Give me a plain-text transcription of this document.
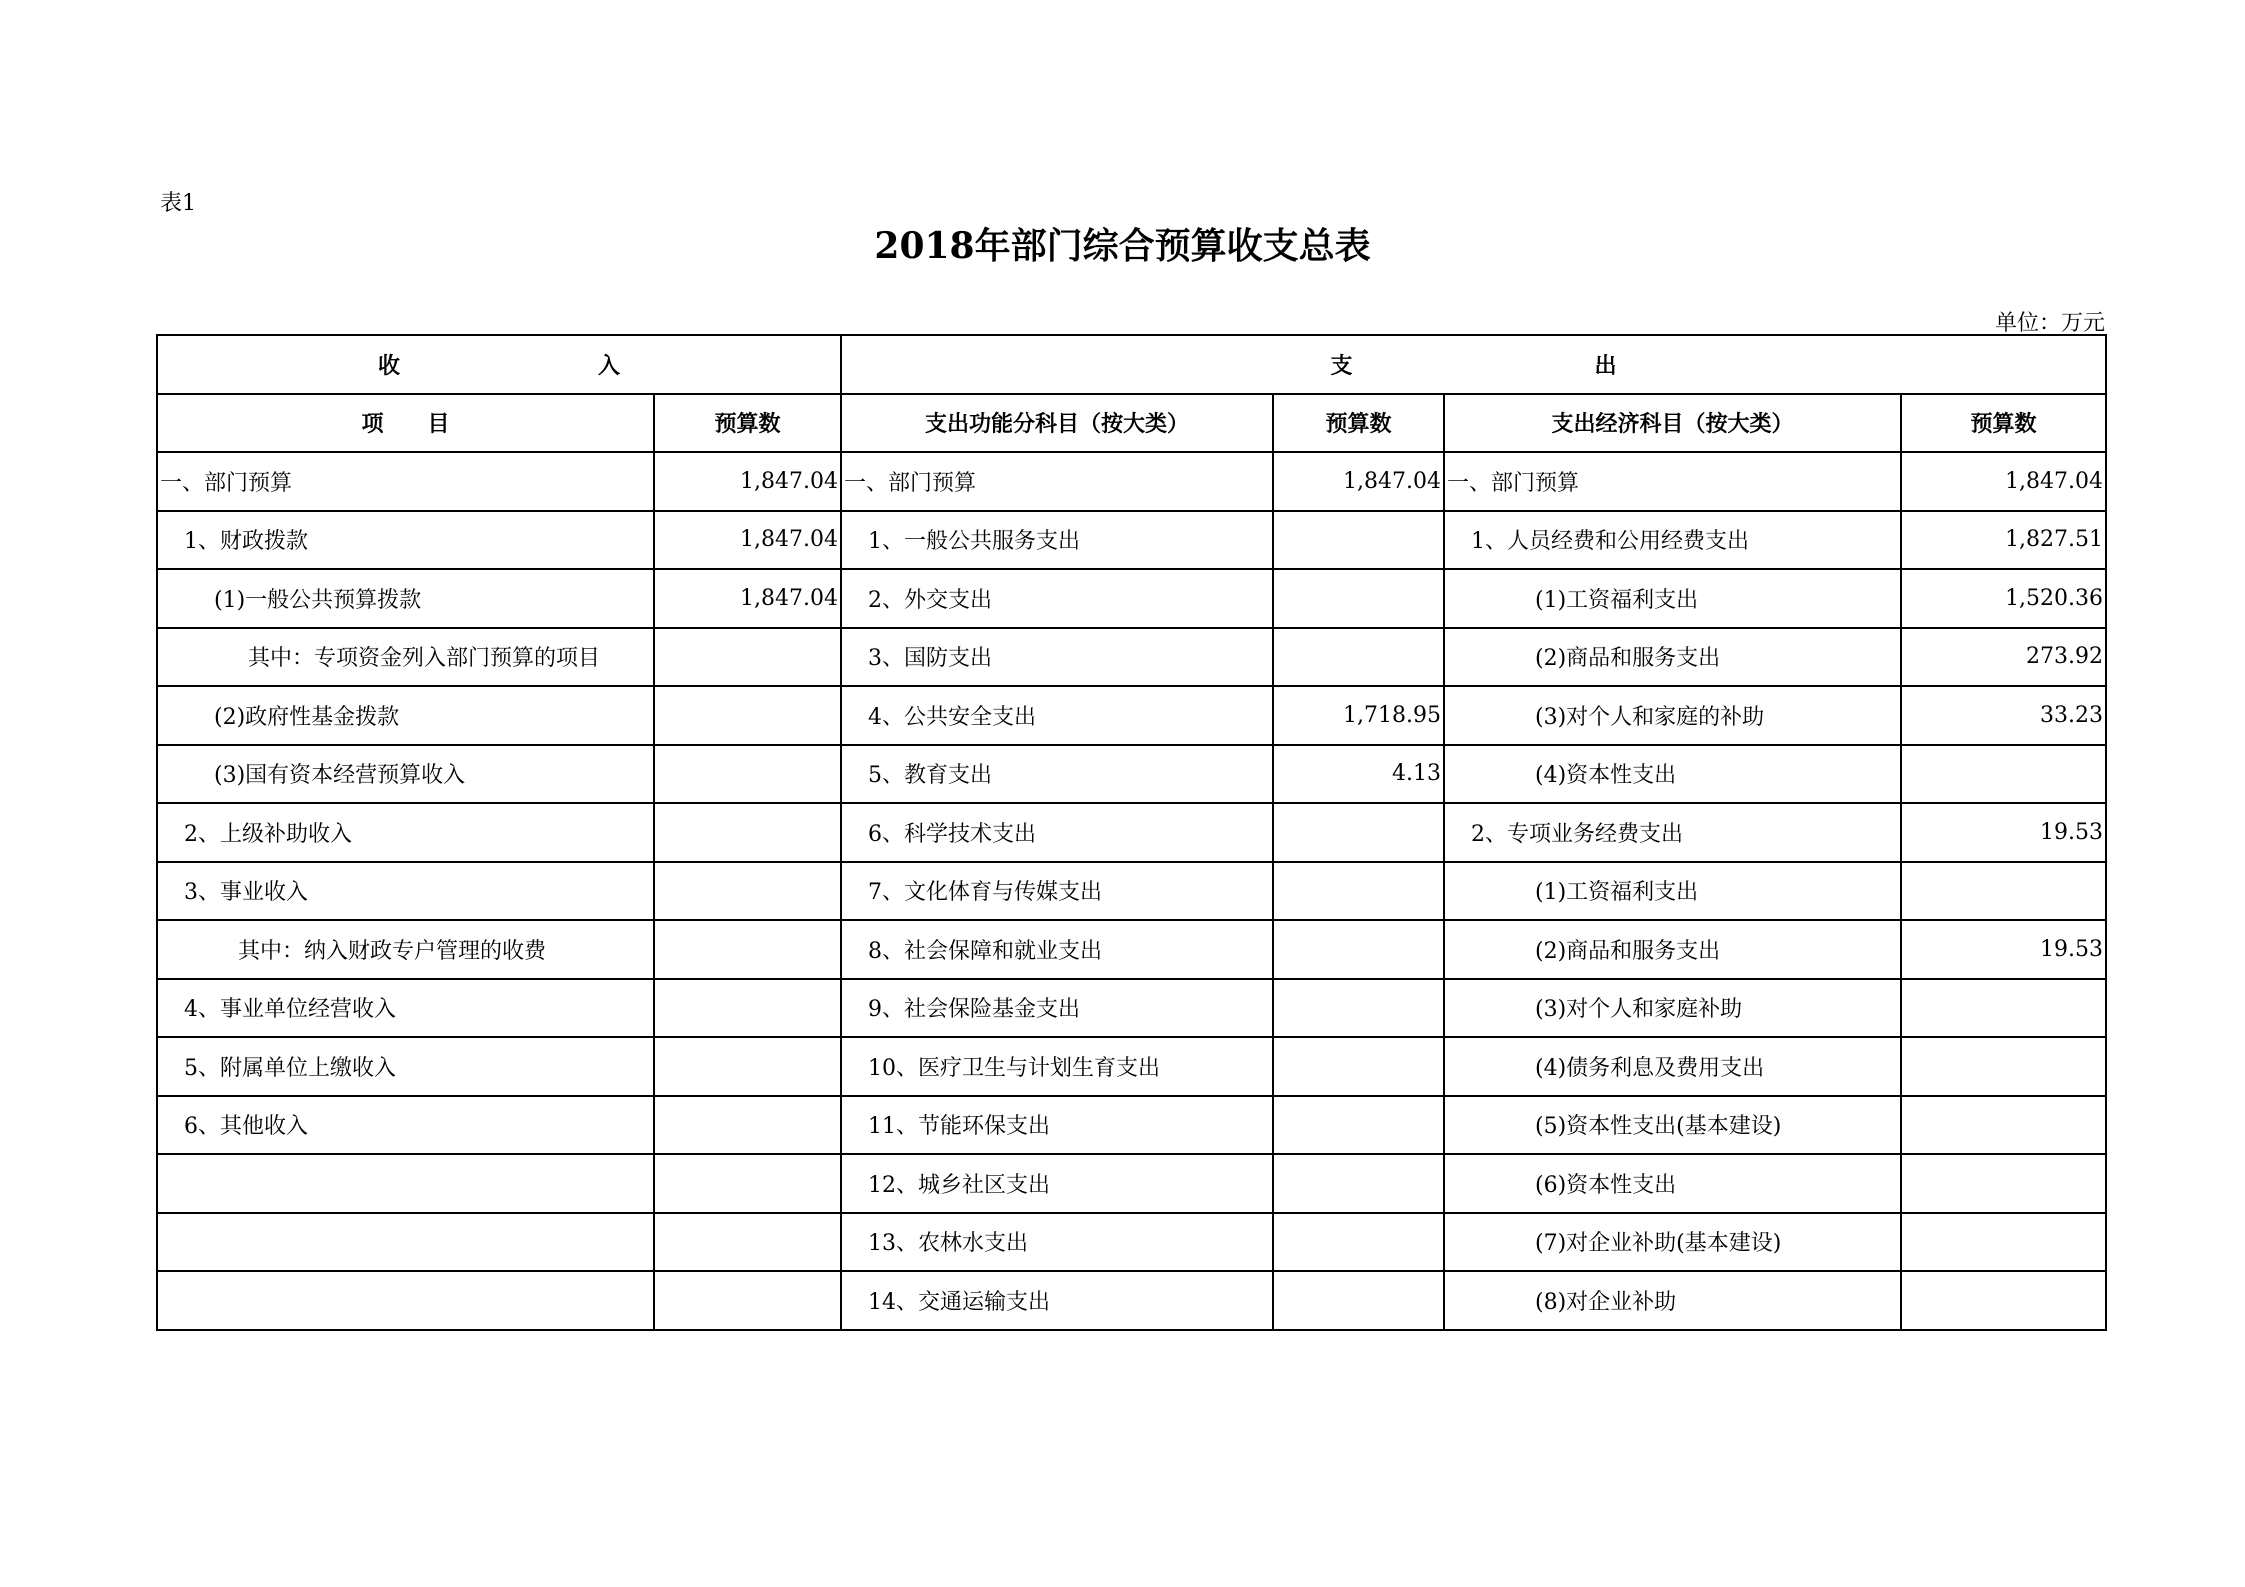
表1
2018年部门综合预算收支总表
单位：万元
收　　　　　　　　　入		支　　　　　　　　　　　出			
项　　目	预算数	支出功能分科目（按大类）	预算数	支出经济科目（按大类）	预算数
一、部门预算	1,847.04	一、部门预算	1,847.04	一、部门预算	1,847.04
1、财政拨款	1,847.04	1、一般公共服务支出		1、人员经费和公用经费支出	1,827.51
(1)一般公共预算拨款	1,847.04	2、外交支出		(1)工资福利支出	1,520.36
其中：专项资金列入部门预算的项目		3、国防支出		(2)商品和服务支出	273.92
(2)政府性基金拨款		4、公共安全支出	1,718.95	(3)对个人和家庭的补助	33.23
(3)国有资本经营预算收入		5、教育支出	4.13	(4)资本性支出	
2、上级补助收入		6、科学技术支出		2、专项业务经费支出	19.53
3、事业收入		7、文化体育与传媒支出		(1)工资福利支出	
其中：纳入财政专户管理的收费		8、社会保障和就业支出		(2)商品和服务支出	19.53
4、事业单位经营收入		9、社会保险基金支出		(3)对个人和家庭补助	
5、附属单位上缴收入		10、医疗卫生与计划生育支出		(4)债务利息及费用支出	
6、其他收入		11、节能环保支出		(5)资本性支出(基本建设)	
		12、城乡社区支出		(6)资本性支出	
		13、农林水支出		(7)对企业补助(基本建设)	
		14、交通运输支出		(8)对企业补助	
